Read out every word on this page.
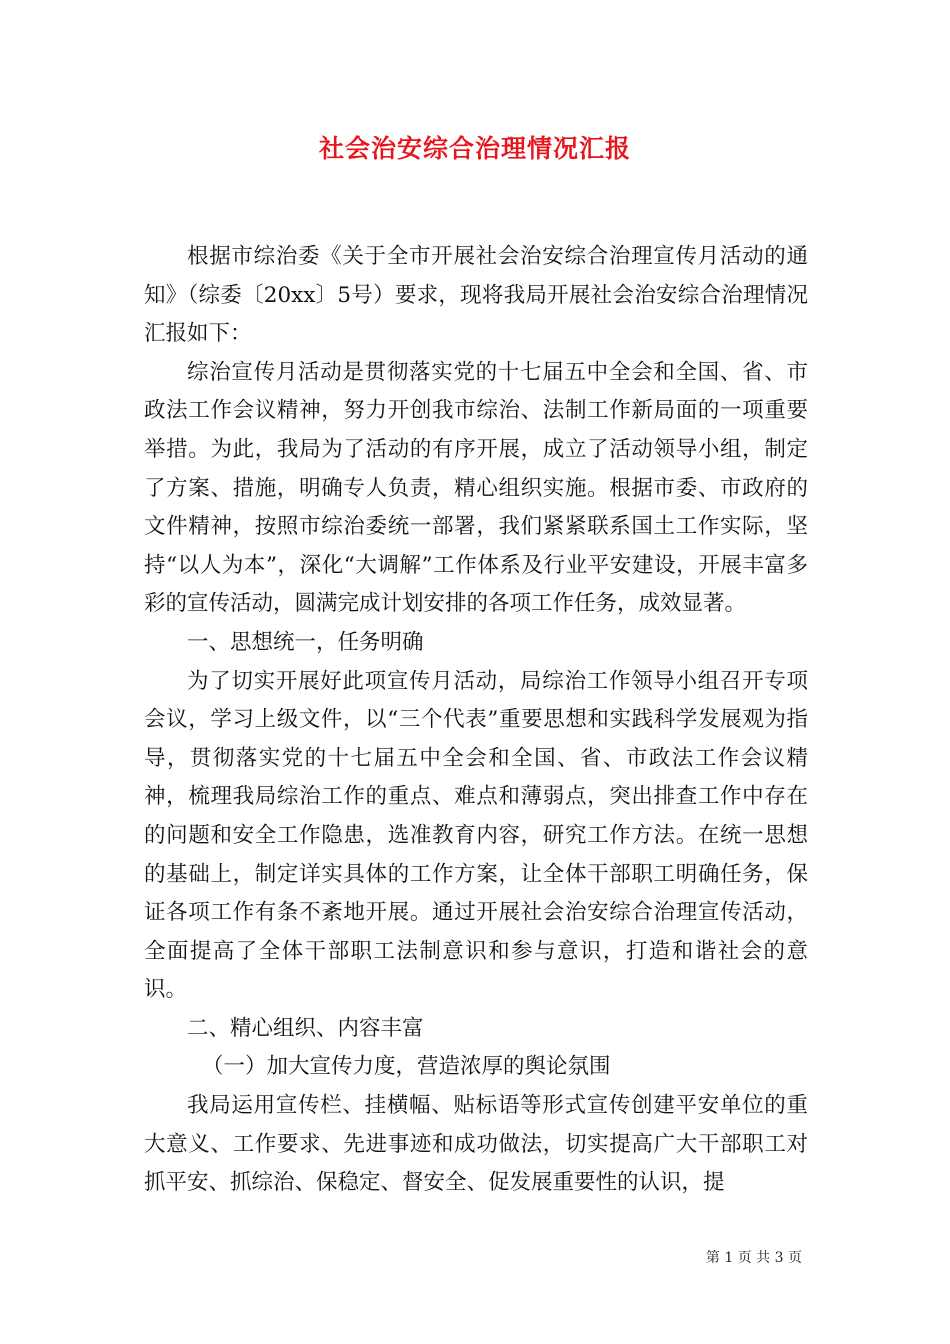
社会治安综合治理情况汇报

根据市综治委《关于全市开展社会治安综合治理宣传月活动的通知》（综委〔20xx〕5号）要求，现将我局开展社会治安综合治理情况汇报如下：

综治宣传月活动是贯彻落实党的十七届五中全会和全国、省、市政法工作会议精神，努力开创我市综治、法制工作新局面的一项重要举措。为此，我局为了活动的有序开展，成立了活动领导小组，制定了方案、措施，明确专人负责，精心组织实施。根据市委、市政府的文件精神，按照市综治委统一部署，我们紧紧联系国土工作实际，坚持“以人为本”，深化“大调解”工作体系及行业平安建设，开展丰富多彩的宣传活动，圆满完成计划安排的各项工作任务，成效显著。

一、思想统一，任务明确

为了切实开展好此项宣传月活动，局综治工作领导小组召开专项会议，学习上级文件，以“三个代表”重要思想和实践科学发展观为指导，贯彻落实党的十七届五中全会和全国、省、市政法工作会议精神，梳理我局综治工作的重点、难点和薄弱点，突出排查工作中存在的问题和安全工作隐患，选准教育内容，研究工作方法。在统一思想的基础上，制定详实具体的工作方案，让全体干部职工明确任务，保证各项工作有条不紊地开展。通过开展社会治安综合治理宣传活动，全面提高了全体干部职工法制意识和参与意识，打造和谐社会的意识。

二、精心组织、内容丰富

（一）加大宣传力度，营造浓厚的舆论氛围

我局运用宣传栏、挂横幅、贴标语等形式宣传创建平安单位的重大意义、工作要求、先进事迹和成功做法，切实提高广大干部职工对抓平安、抓综治、保稳定、督安全、促发展重要性的认识，提

第 1 页 共 3 页
